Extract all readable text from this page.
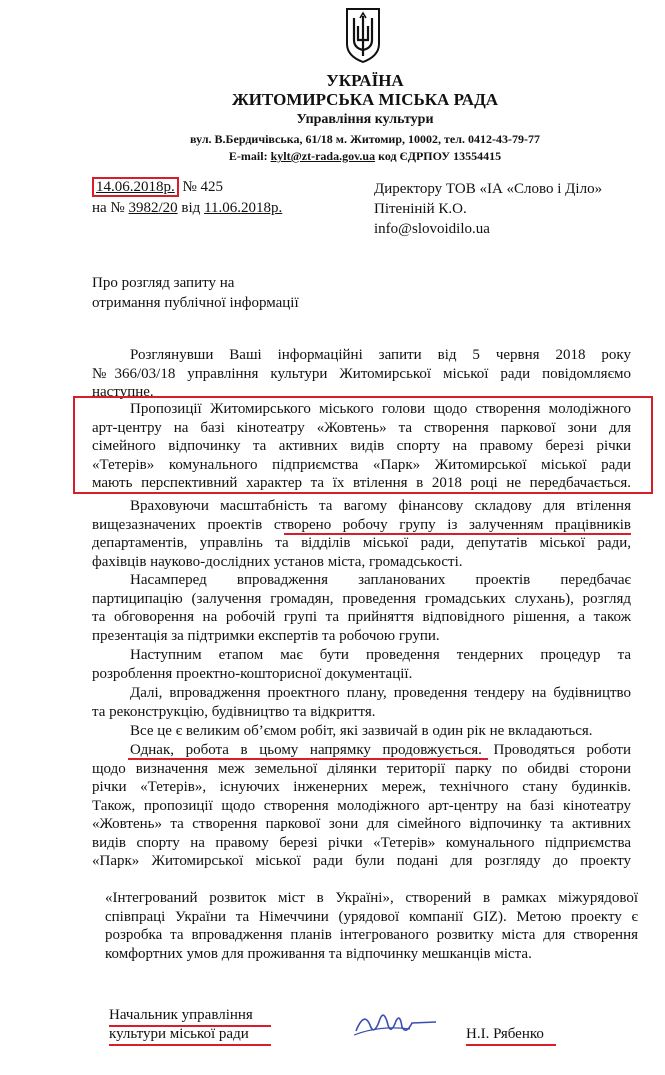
УКРАЇНА
ЖИТОМИРСЬКА МІСЬКА РАДА
Управління культури
вул. В.Бердичівська, 61/18 м. Житомир, 10002, тел. 0412-43-79-77
E-mail: kylt@zt-rada.gov.ua код ЄДРПОУ 13554415
14.06.2018р. № 425
на № 3982/20 від 11.06.2018р.
Директору ТОВ «ІА «Слово і Діло»
Пітеніній К.О.
info@slovoidilo.ua
Про розгляд запиту на
отримання публічної інформації
Розглянувши Ваші інформаційні запити від 5 червня 2018 року
№366/03/18 управління культури Житомирської міської ради повідомляємо
наступне.
Пропозиції Житомирського міського голови щодо створення молодіжного
арт-центру на базі кінотеатру «Жовтень» та створення паркової зони для
сімейного відпочинку та активних видів спорту на правому березі річки
«Тетерів» комунального підприємства «Парк» Житомирської міської ради
мають перспективний характер та їх втілення в 2018 році не передбачається.
Враховуючи масштабність та вагому фінансову складову для втілення
вищезазначених проектів створено робочу групу із залученням працівників
департаментів, управлінь та відділів міської ради, депутатів міської ради,
фахівців науково-дослідних установ міста, громадськості.
Насамперед впровадження запланованих проектів передбачає
партиципацію (залучення громадян, проведення громадських слухань), розгляд
та обговорення на робочій групі та прийняття відповідного рішення, а також
презентація за підтримки експертів та робочою групи.
Наступним етапом має бути проведення тендерних процедур та
розроблення проектно-кошторисної документації.
Далі, впровадження проектного плану, проведення тендеру на будівництво
та реконструкцію, будівництво та відкриття.
Все це є великим об’ємом робіт, які зазвичай в один рік не вкладаються.
Однак, робота в цьому напрямку продовжується. Проводяться роботи
щодо визначення меж земельної ділянки території парку по обидві сторони
річки «Тетерів», існуючих інженерних мереж, технічного стану будинків.
Також, пропозиції щодо створення молодіжного арт-центру на базі кінотеатру
«Жовтень» та створення паркової зони для сімейного відпочинку та активних
видів спорту на правому березі річки «Тетерів» комунального підприємства
«Парк» Житомирської міської ради були подані для розгляду до проекту
«Інтегрований розвиток міст в Україні», створений в рамках міжурядової
співпраці України та Німеччини (урядової компанії GIZ). Метою проекту є
розробка та впровадження планів інтегрованого розвитку міста для створення
комфортних умов для проживання та відпочинку мешканців міста.
Начальник управління
культури міської ради	Н.І. Рябенко
